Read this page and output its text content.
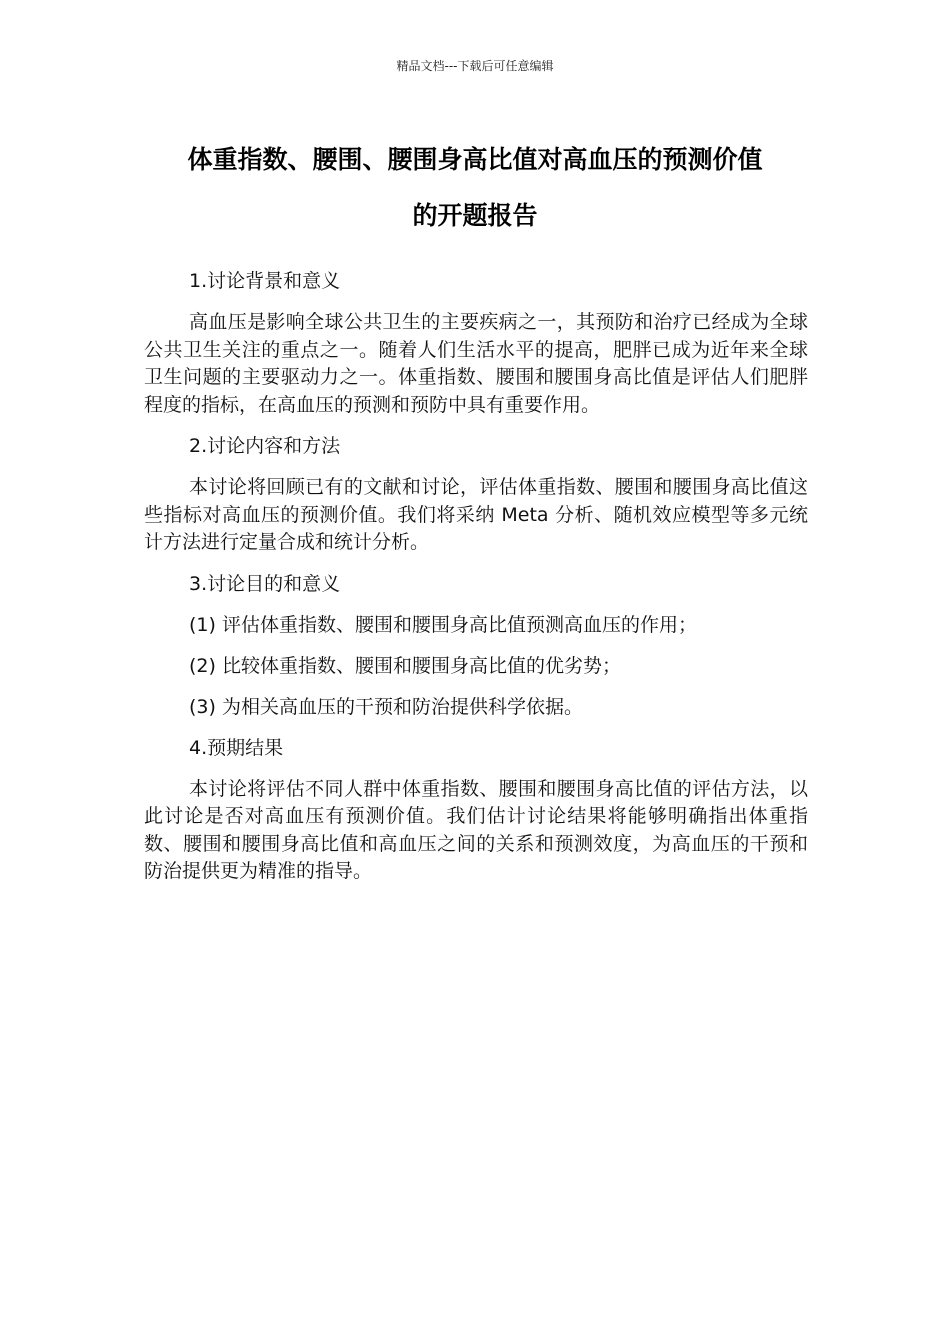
精品文档---下载后可任意编辑
体重指数、腰围、腰围身高比值对高血压的预测价值
的开题报告

1.讨论背景和意义

高血压是影响全球公共卫生的主要疾病之一，其预防和治疗已经成为全球公共卫生关注的重点之一。随着人们生活水平的提高，肥胖已成为近年来全球卫生问题的主要驱动力之一。体重指数、腰围和腰围身高比值是评估人们肥胖程度的指标，在高血压的预测和预防中具有重要作用。

2.讨论内容和方法

本讨论将回顾已有的文献和讨论，评估体重指数、腰围和腰围身高比值这些指标对高血压的预测价值。我们将采纳 Meta 分析、随机效应模型等多元统计方法进行定量合成和统计分析。

3.讨论目的和意义

(1) 评估体重指数、腰围和腰围身高比值预测高血压的作用；

(2) 比较体重指数、腰围和腰围身高比值的优劣势；

(3) 为相关高血压的干预和防治提供科学依据。

4.预期结果

本讨论将评估不同人群中体重指数、腰围和腰围身高比值的评估方法，以此讨论是否对高血压有预测价值。我们估计讨论结果将能够明确指出体重指数、腰围和腰围身高比值和高血压之间的关系和预测效度，为高血压的干预和防治提供更为精准的指导。
